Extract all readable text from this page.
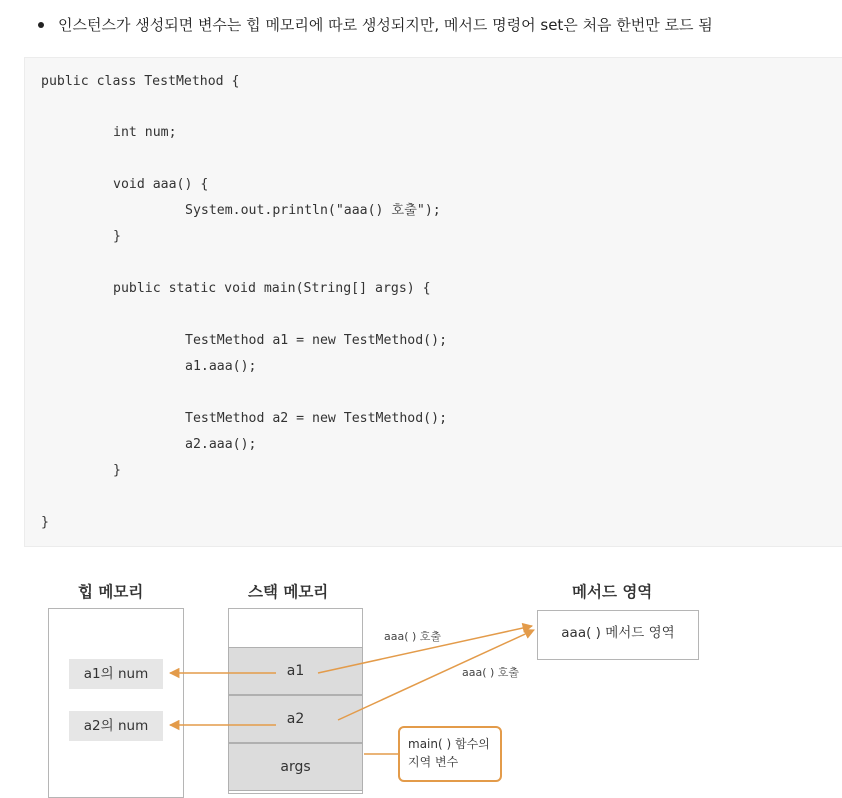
인스턴스가 생성되면 변수는 힙 메모리에 따로 생성되지만, 메서드 명령어 set은 처음 한번만 로드 됨
public class TestMethod {
int num;
void aaa() {
System.out.println("aaa() 호출");
}
public static void main(String[] args) {
TestMethod a1 = new TestMethod();
a1.aaa();
TestMethod a2 = new TestMethod();
a2.aaa();
}
}
힙 메모리	스택 메모리	메서드 영역
a1의 num
a2의 num
a1
a2
args
aaa( ) 메서드 영역
main( ) 함수의
지역 변수
aaa( ) 호출
aaa( ) 호출
